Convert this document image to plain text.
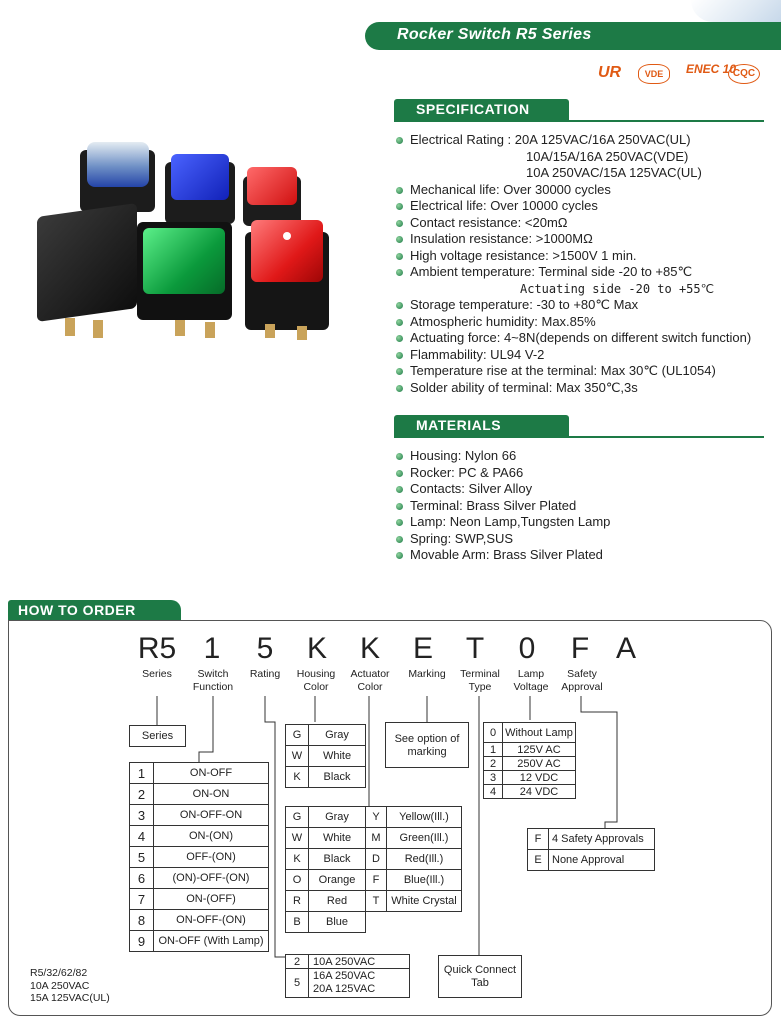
Rocker Switch R5 Series
UR	VDE	ENEC 10
CQC
SPECIFICATION
Electrical Rating : 20A 125VAC/16A 250VAC(UL)
10A/15A/16A 250VAC(VDE)
10A 250VAC/15A 125VAC(UL)
Mechanical life: Over 30000 cycles
Electrical life: Over 10000 cycles
Contact resistance: <20mΩ
Insulation resistance: >1000MΩ
High voltage resistance: >1500V 1 min.
Ambient temperature: Terminal side -20 to +85℃
Actuating side -20 to +55℃
Storage temperature: -30 to +80℃ Max
Atmospheric humidity: Max.85%
Actuating force: 4~8N(depends on different switch function)
Flammability: UL94 V-2
Temperature rise at the terminal: Max 30℃ (UL1054)
Solder ability of terminal: Max 350℃,3s
MATERIALS
Housing: Nylon 66
Rocker: PC & PA66
Contacts: Silver Alloy
Terminal: Brass Silver Plated
Lamp: Neon Lamp,Tungsten Lamp
Spring: SWP,SUS
Movable Arm: Brass Silver Plated
HOW TO ORDER
R5 1	5	K	K	E	T	0	F A
Series	Switch
Function
Rating	Housing
Color
Actuator
Color
Marking	Terminal
Type
Lamp
Voltage
Safety
Approval
Series
1	ON-OFF
2	ON-ON
3	ON-OFF-ON
4	ON-(ON)
5	OFF-(ON)
6	(ON)-OFF-(ON)
7	ON-(OFF)
8	ON-OFF-(ON)
9	ON-OFF (With Lamp)
G	Gray
W	White
K	Black
G	Gray	Y	Yellow(Ill.)
W	White	M	Green(Ill.)
K	Black	D	Red(Ill.)
O	Orange	F	Blue(Ill.)
R	Red	T	White Crystal
B	Blue		
See option of
marking
0	Without Lamp
1	125V AC
2	250V AC
3	12 VDC
4	24 VDC
F	4 Safety Approvals
E	None Approval
2	10A 250VAC
5	16A 250VAC
20A 125VAC
Quick Connect
Tab
R5/32/62/82
10A 250VAC
15A 125VAC(UL)
